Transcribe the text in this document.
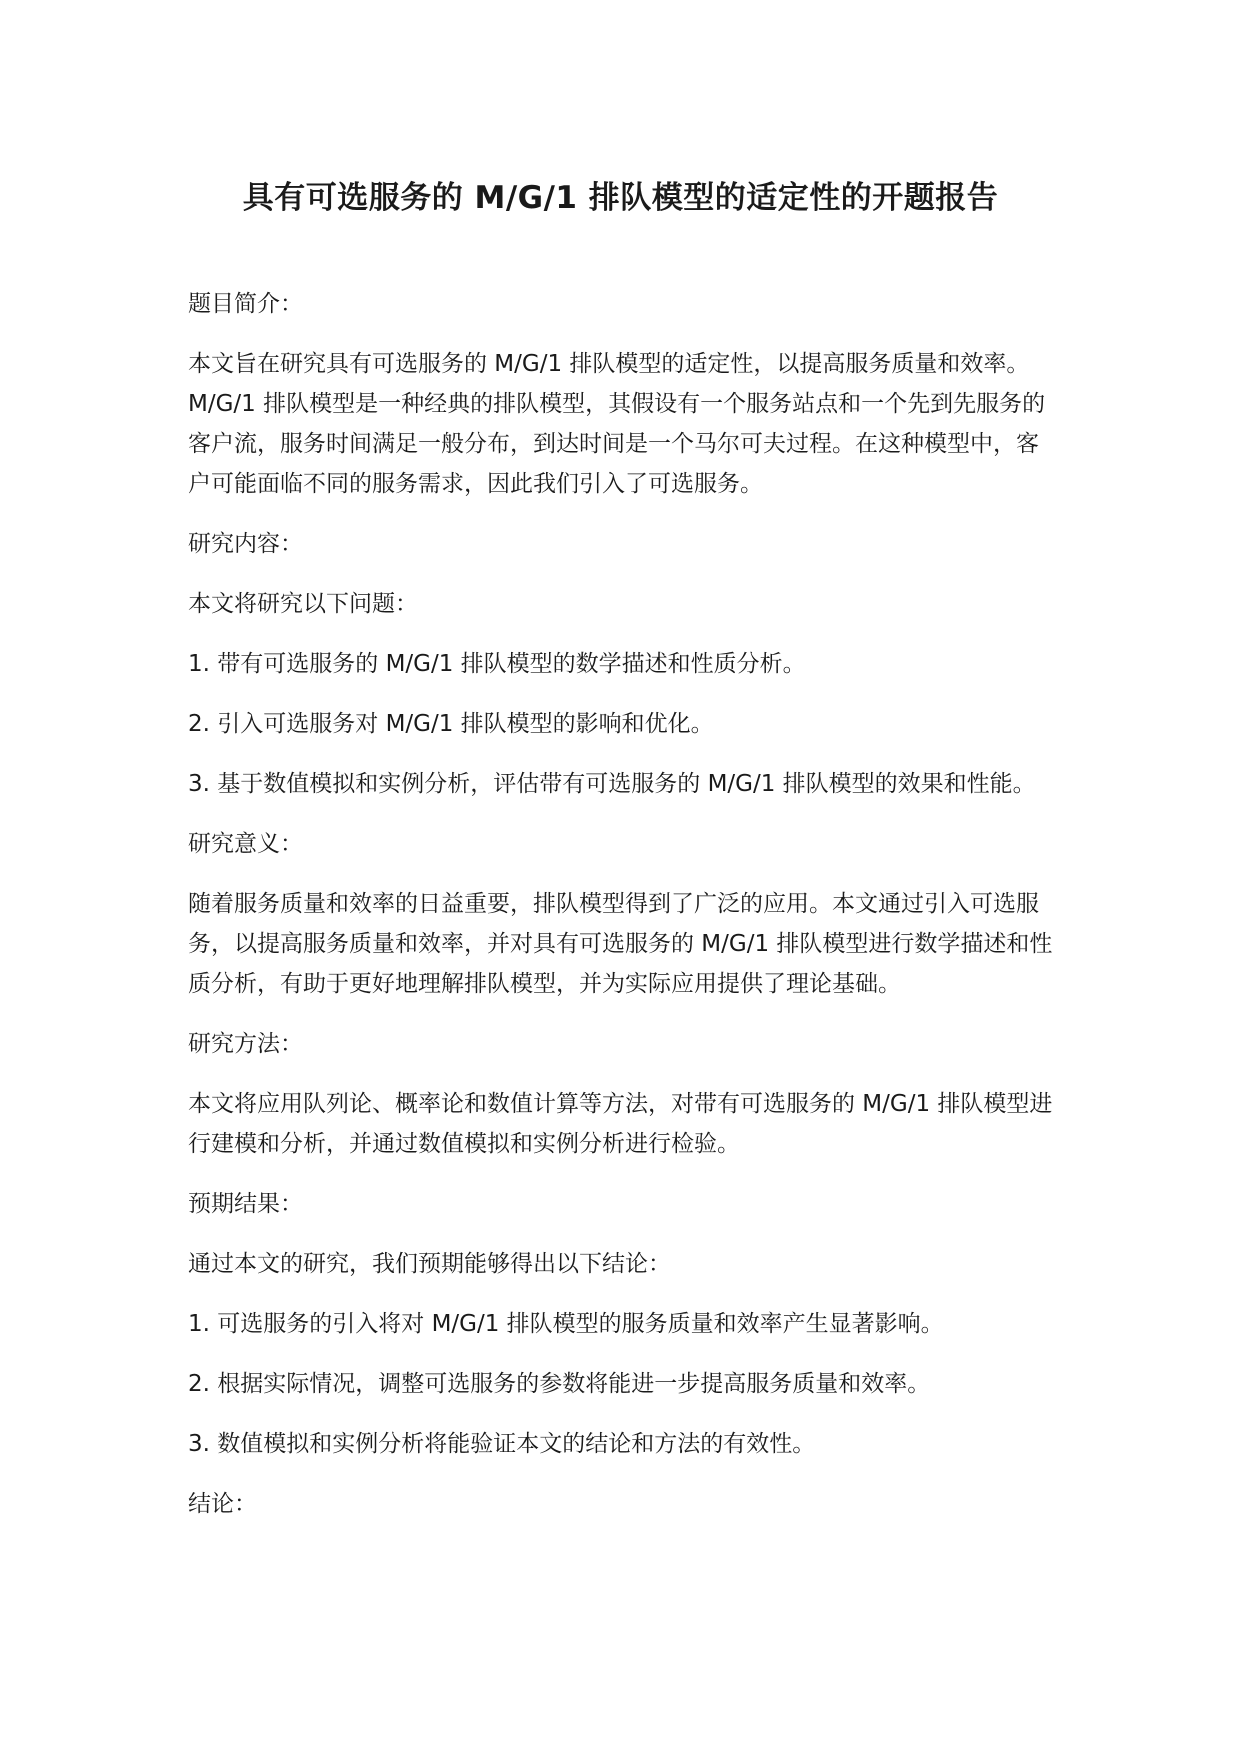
具有可选服务的 M/G/1 排队模型的适定性的开题报告

题目简介：

本文旨在研究具有可选服务的 M/G/1 排队模型的适定性，以提高服务质量和效率。M/G/1 排队模型是一种经典的排队模型，其假设有一个服务站点和一个先到先服务的客户流，服务时间满足一般分布，到达时间是一个马尔可夫过程。在这种模型中，客户可能面临不同的服务需求，因此我们引入了可选服务。

研究内容：

本文将研究以下问题：

1. 带有可选服务的 M/G/1 排队模型的数学描述和性质分析。

2. 引入可选服务对 M/G/1 排队模型的影响和优化。

3. 基于数值模拟和实例分析，评估带有可选服务的 M/G/1 排队模型的效果和性能。

研究意义：

随着服务质量和效率的日益重要，排队模型得到了广泛的应用。本文通过引入可选服务，以提高服务质量和效率，并对具有可选服务的 M/G/1 排队模型进行数学描述和性质分析，有助于更好地理解排队模型，并为实际应用提供了理论基础。

研究方法：

本文将应用队列论、概率论和数值计算等方法，对带有可选服务的 M/G/1 排队模型进行建模和分析，并通过数值模拟和实例分析进行检验。

预期结果：

通过本文的研究，我们预期能够得出以下结论：

1. 可选服务的引入将对 M/G/1 排队模型的服务质量和效率产生显著影响。

2. 根据实际情况，调整可选服务的参数将能进一步提高服务质量和效率。

3. 数值模拟和实例分析将能验证本文的结论和方法的有效性。

结论：
